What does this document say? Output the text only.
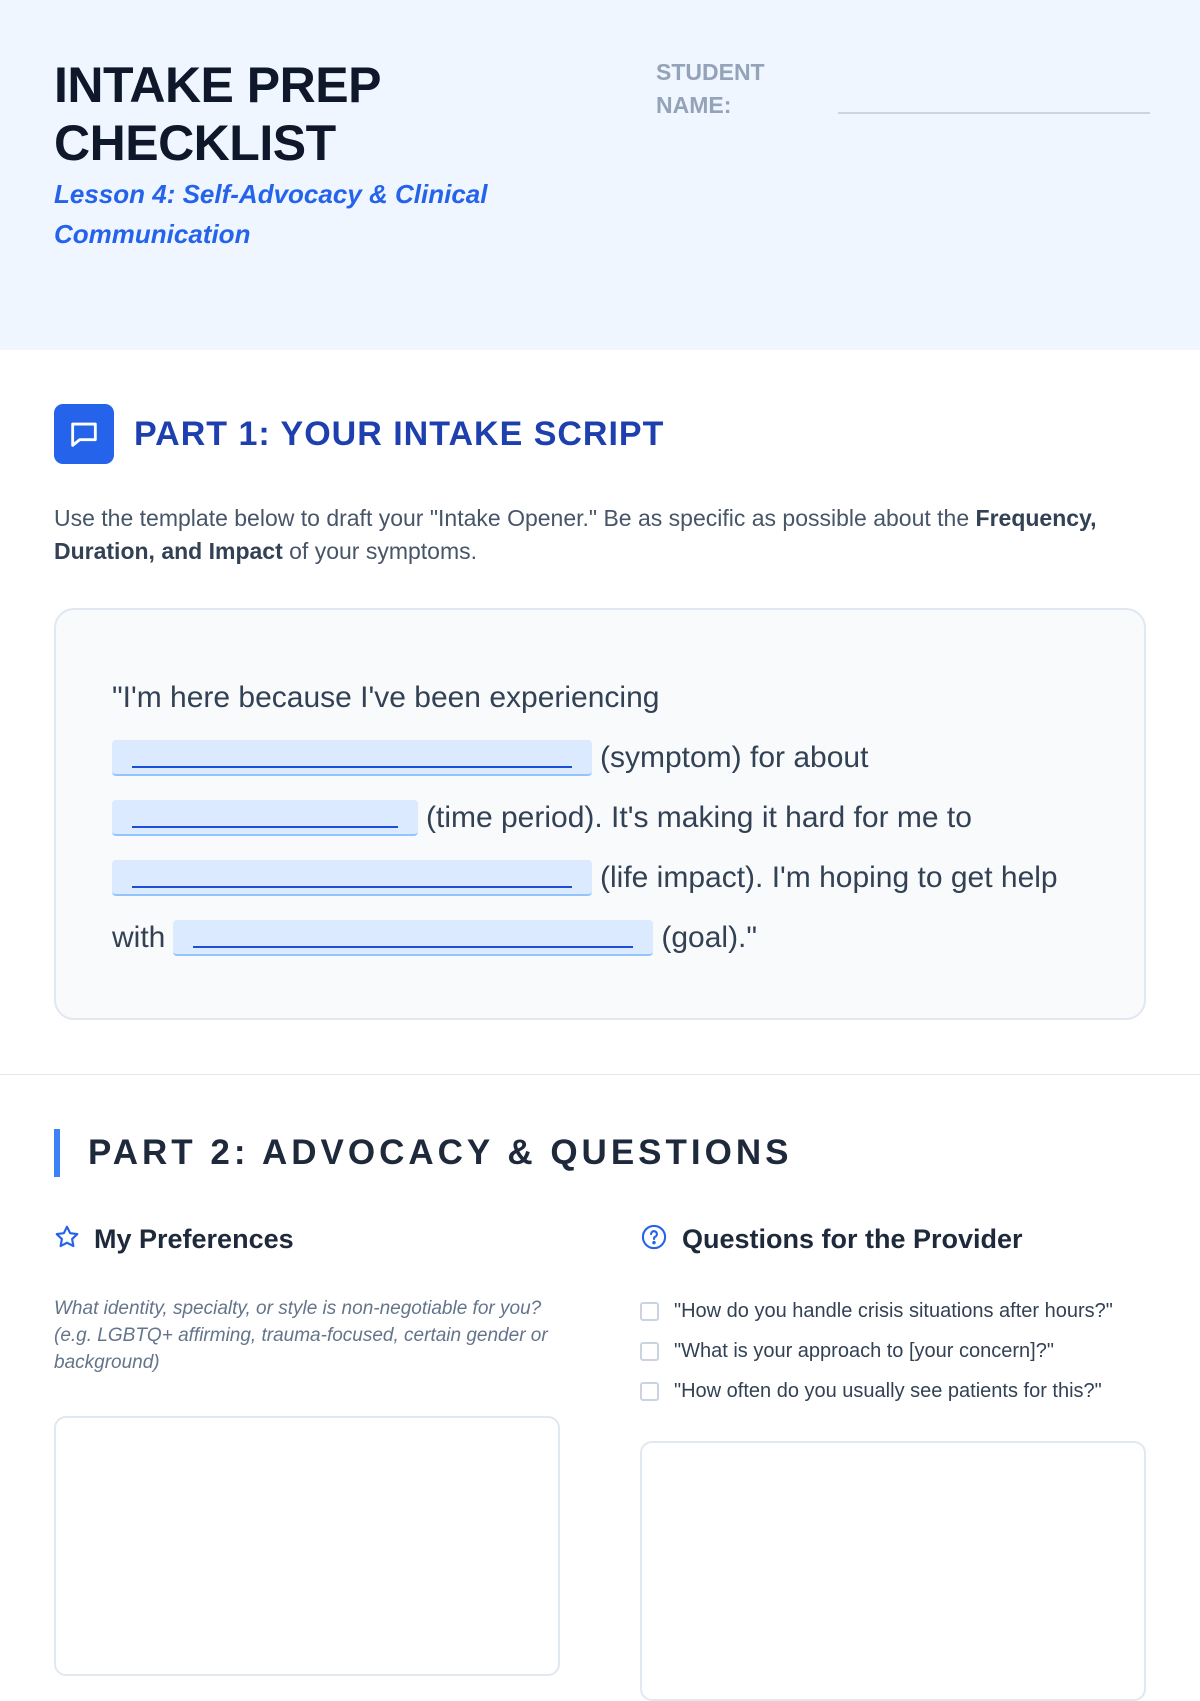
INTAKE PREP CHECKLIST
Lesson 4: Self-Advocacy & Clinical Communication
STUDENT NAME:
PART 1: YOUR INTAKE SCRIPT
Use the template below to draft your "Intake Opener." Be as specific as possible about the Frequency, Duration, and Impact of your symptoms.
"I'm here because I've been experiencing
(symptom) for about
(time period). It's making it hard for me to
(life impact). I'm hoping to get help
with	(goal)."
PART 2: ADVOCACY & QUESTIONS
My Preferences
What identity, specialty, or style is non-negotiable for you? (e.g. LGBTQ+ affirming, trauma-focused, certain gender or background)
Questions for the Provider
"How do you handle crisis situations after hours?"
"What is your approach to [your concern]?"
"How often do you usually see patients for this?"
